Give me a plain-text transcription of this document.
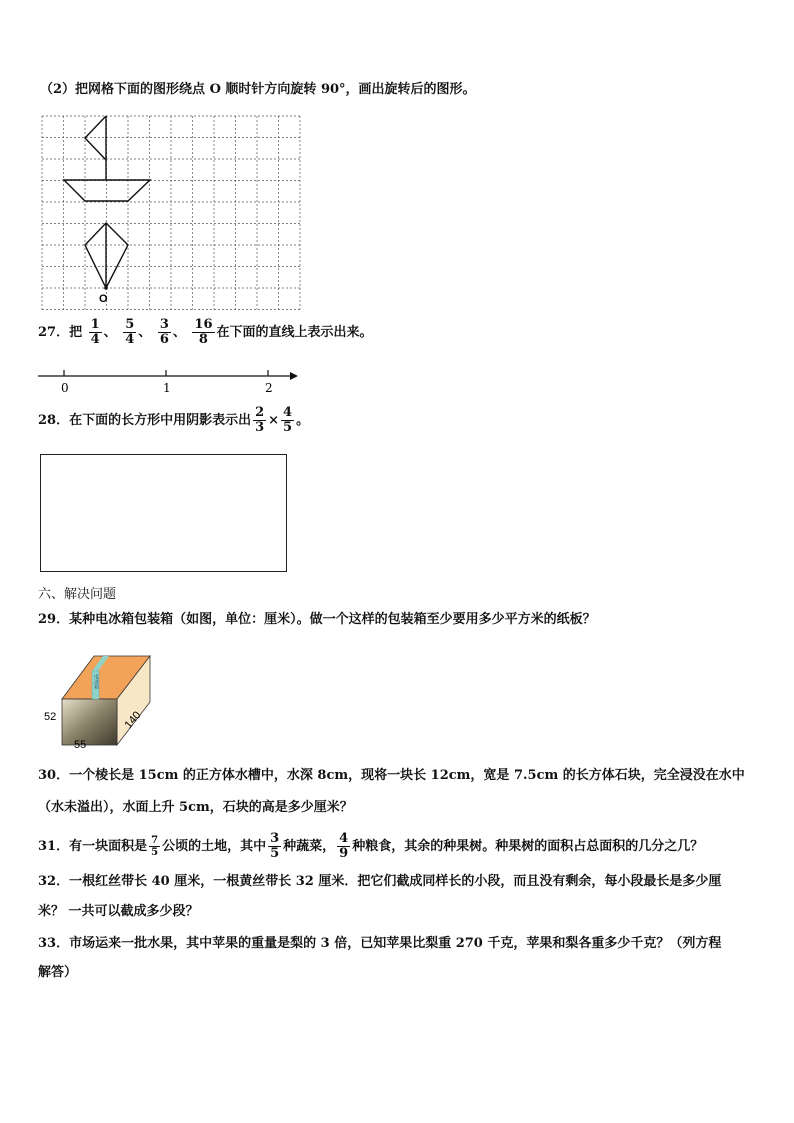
（2）把网格下面的图形绕点 O 顺时针方向旋转 90°，画出旋转后的图形。
O
27．把 $\frac{1}{4}$ 、 $\frac{5}{4}$ 、 $\frac{3}{6}$ 、 $\frac{16}{8}$ 在下面的直线上表示出来。
0	1	2
28．在下面的长方形中用阴影表示出 $\frac{2}{3} \times \frac{4}{5}$ 。
六、解决问题
29．某种电冰箱包装箱（如图，单位：厘米）。做一个这样的包装箱至少要用多少平方米的纸板？
电冰箱
52
55
140
30．一个棱长是 15cm 的正方体水槽中，水深 8cm，现将一块长 12cm，宽是 7.5cm 的长方体石块，完全浸没在水中
（水未溢出），水面上升 5cm，石块的高是多少厘米？
31．有一块面积是 $\frac{7}{5}$ 公顷的土地，其中 $\frac{3}{5}$ 种蔬菜， $\frac{4}{9}$ 种粮食，其余的种果树。种果树的面积占总面积的几分之几？
32．一根红丝带长 40 厘米，一根黄丝带长 32 厘米．把它们截成同样长的小段，而且没有剩余，每小段最长是多少厘
米？ 一共可以截成多少段？
33．市场运来一批水果，其中苹果的重量是梨的 3 倍，已知苹果比梨重 270 千克，苹果和梨各重多少千克？（列方程
解答）
